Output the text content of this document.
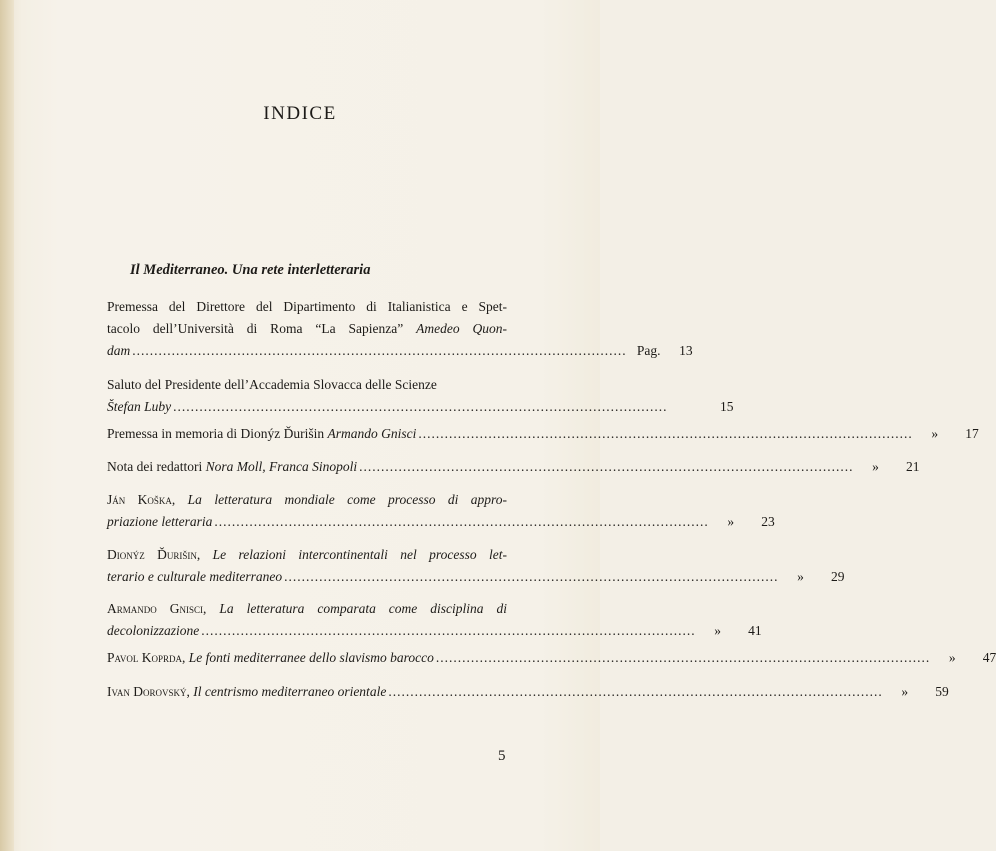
INDICE
Il Mediterraneo. Una rete interletteraria
Premessa del Direttore del Dipartimento di Italianistica e Spet-
tacolo dell’Università di Roma “La Sapienza” Amedeo Quon-
dam ................................................................................................................. Pag.	13
Saluto del Presidente dell’Accademia Slovacca delle Scienze
Štefan Luby .................................................................................................................	15
Premessa in memoria di Dionýz Ďurišin Armando Gnisci .................................................................................................................	»	17
Nota dei redattori Nora Moll, Franca Sinopoli .................................................................................................................	»	21
Ján Koška, La letteratura mondiale come processo di appro-
priazione letteraria .................................................................................................................	»	23
Dionýz Ďurišin, Le relazioni intercontinentali nel processo let-
terario e culturale mediterraneo .................................................................................................................	»	29
Armando Gnisci, La letteratura comparata come disciplina di
decolonizzazione .................................................................................................................	»	41
Pavol Koprda, Le fonti mediterranee dello slavismo barocco .................................................................................................................	»	47
Ivan Dorovský, Il centrismo mediterraneo orientale .................................................................................................................	»	59
5
